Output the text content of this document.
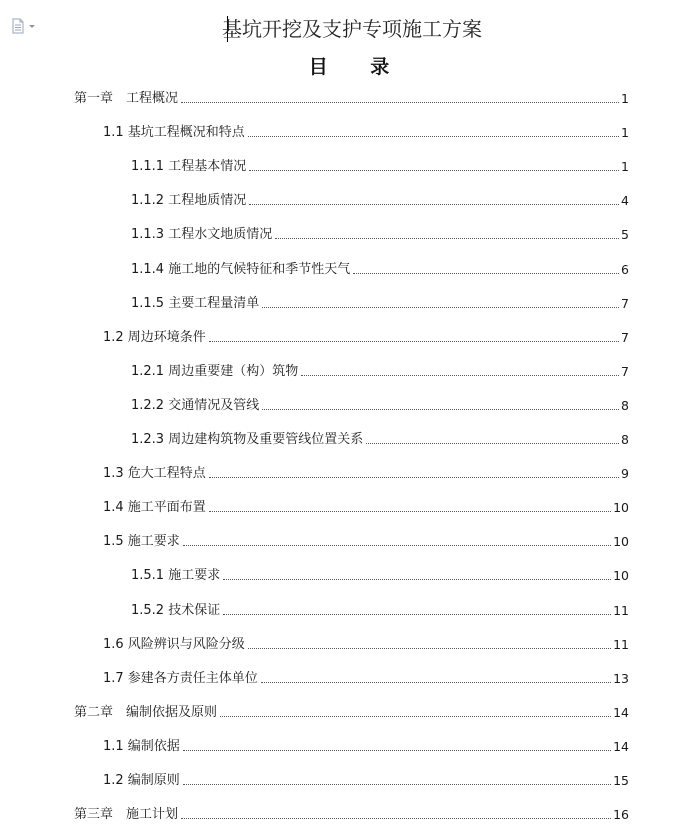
基坑开挖及支护专项施工方案
目 录
第一章　工程概况	1
1.1 基坑工程概况和特点	1
1.1.1 工程基本情况	1
1.1.2 工程地质情况	4
1.1.3 工程水文地质情况	5
1.1.4 施工地的气候特征和季节性天气	6
1.1.5 主要工程量清单	7
1.2 周边环境条件	7
1.2.1 周边重要建（构）筑物	7
1.2.2 交通情况及管线	8
1.2.3 周边建构筑物及重要管线位置关系	8
1.3 危大工程特点	9
1.4 施工平面布置	10
1.5 施工要求	10
1.5.1 施工要求	10
1.5.2 技术保证	11
1.6 风险辨识与风险分级	11
1.7 参建各方责任主体单位	13
第二章　编制依据及原则	14
1.1 编制依据	14
1.2 编制原则	15
第三章　施工计划	16
